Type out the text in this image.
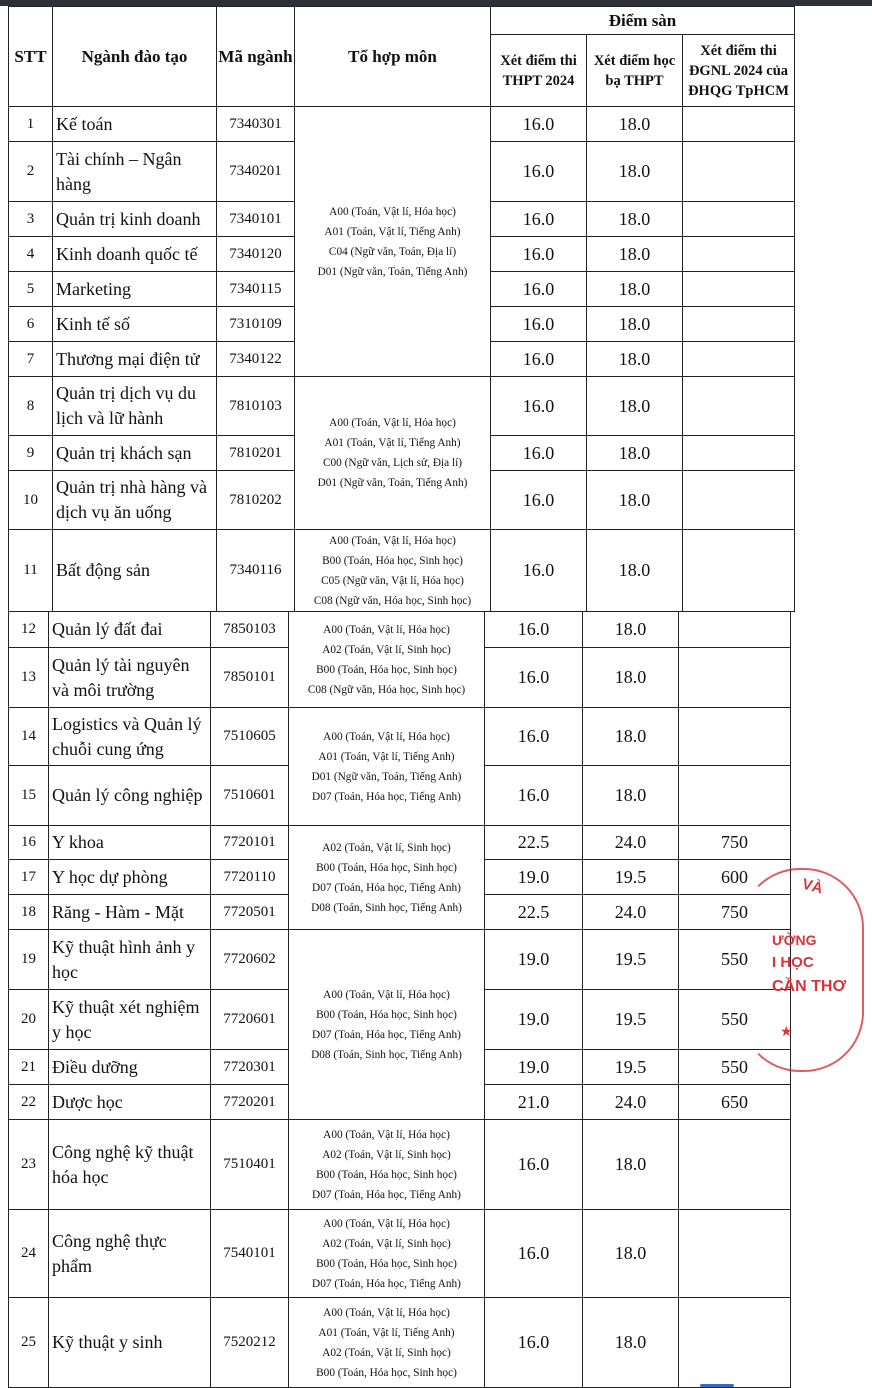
STT	Ngành đào tạo	Mã ngành	Tổ hợp môn	Điểm sàn		
				Xét điểm thi THPT 2024	Xét điểm học bạ THPT	Xét điểm thi ĐGNL 2024 của ĐHQG TpHCM
1	Kế toán	7340301	A00 (Toán, Vật lí, Hóa học)
A01 (Toán, Vật lí, Tiếng Anh)
C04 (Ngữ văn, Toán, Địa lí)
D01 (Ngữ văn, Toán, Tiếng Anh)	16.0	18.0	
2	Tài chính – Ngân hàng	7340201		16.0	18.0	
3	Quản trị kinh doanh	7340101		16.0	18.0	
4	Kinh doanh quốc tế	7340120		16.0	18.0	
5	Marketing	7340115		16.0	18.0	
6	Kinh tế số	7310109		16.0	18.0	
7	Thương mại điện tử	7340122		16.0	18.0	
8	Quản trị dịch vụ du lịch và lữ hành	7810103	A00 (Toán, Vật lí, Hóa học)
A01 (Toán, Vật lí, Tiếng Anh)
C00 (Ngữ văn, Lịch sử, Địa lí)
D01 (Ngữ văn, Toán, Tiếng Anh)	16.0	18.0	
9	Quản trị khách sạn	7810201		16.0	18.0	
10	Quản trị nhà hàng và dịch vụ ăn uống	7810202		16.0	18.0	
11	Bất động sản	7340116	A00 (Toán, Vật lí, Hóa học)
B00 (Toán, Hóa học, Sinh học)
C05 (Ngữ văn, Vật lí, Hóa học)
C08 (Ngữ văn, Hóa học, Sinh học)	16.0	18.0	
12	Quản lý đất đai	7850103	A00 (Toán, Vật lí, Hóa học)
A02 (Toán, Vật lí, Sinh học)
B00 (Toán, Hóa học, Sinh học)
C08 (Ngữ văn, Hóa học, Sinh học)	16.0	18.0	
13	Quản lý tài nguyên và môi trường	7850101		16.0	18.0	
14	Logistics và Quản lý chuỗi cung ứng	7510605	A00 (Toán, Vật lí, Hóa học)
A01 (Toán, Vật lí, Tiếng Anh)
D01 (Ngữ văn, Toán, Tiếng Anh)
D07 (Toán, Hóa học, Tiếng Anh)	16.0	18.0	
15	Quản lý công nghiệp	7510601		16.0	18.0	
16	Y khoa	7720101	A02 (Toán, Vật lí, Sinh học)
B00 (Toán, Hóa học, Sinh học)
D07 (Toán, Hóa học, Tiếng Anh)
D08 (Toán, Sinh học, Tiếng Anh)	22.5	24.0	750
17	Y học dự phòng	7720110		19.0	19.5	600
18	Răng - Hàm - Mặt	7720501		22.5	24.0	750
19	Kỹ thuật hình ảnh y học	7720602	A00 (Toán, Vật lí, Hóa học)
B00 (Toán, Hóa học, Sinh học)
D07 (Toán, Hóa học, Tiếng Anh)
D08 (Toán, Sinh học, Tiếng Anh)	19.0	19.5	550
20	Kỹ thuật xét nghiệm y học	7720601		19.0	19.5	550
21	Điều dưỡng	7720301		19.0	19.5	550
22	Dược học	7720201		21.0	24.0	650
23	Công nghệ kỹ thuật hóa học	7510401	A00 (Toán, Vật lí, Hóa học)
A02 (Toán, Vật lí, Sinh học)
B00 (Toán, Hóa học, Sinh học)
D07 (Toán, Hóa học, Tiếng Anh)	16.0	18.0	
24	Công nghệ thực phẩm	7540101	A00 (Toán, Vật lí, Hóa học)
A02 (Toán, Vật lí, Sinh học)
B00 (Toán, Hóa học, Sinh học)
D07 (Toán, Hóa học, Tiếng Anh)	16.0	18.0	
25	Kỹ thuật y sinh	7520212	A00 (Toán, Vật lí, Hóa học)
A01 (Toán, Vật lí, Tiếng Anh)
A02 (Toán, Vật lí, Sinh học)
B00 (Toán, Hóa học, Sinh học)	16.0	18.0	
VÀ
ƯỜNG
I HỌC
CẦN THƠ
★
